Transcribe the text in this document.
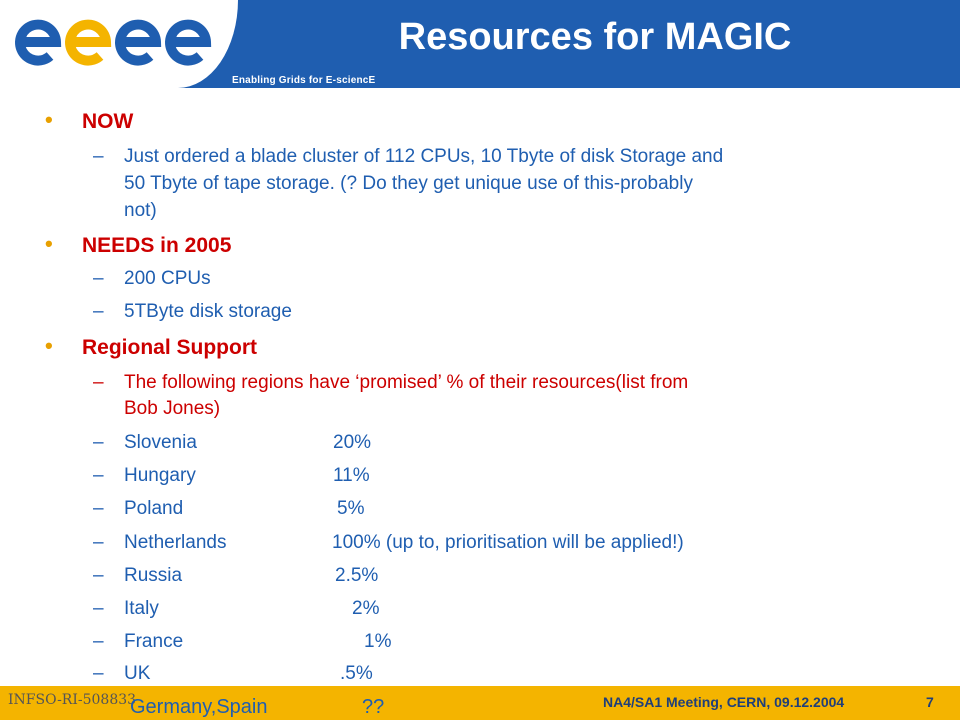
Enabling Grids for E-sciencE
Resources for MAGIC
• NOW
– Just ordered a blade cluster of 112 CPUs, 10 Tbyte of disk Storage and
50 Tbyte of tape storage. (? Do they get unique use of this-probably
not)
• NEEDS in 2005
– 200 CPUs
– 5TByte disk storage
• Regional Support
– The following regions have ‘promised’ % of their resources(list from
Bob Jones)
– Slovenia	20%
– Hungary	11%
– Poland	5%
– Netherlands	100% (up to, prioritisation will be applied!)
– Russia	2.5%
– Italy	2%
– France	1%
– UK	.5%
INFSO-RI-508833
Germany,Spain	??	NA4/SA1 Meeting, CERN, 09.12.2004	7
